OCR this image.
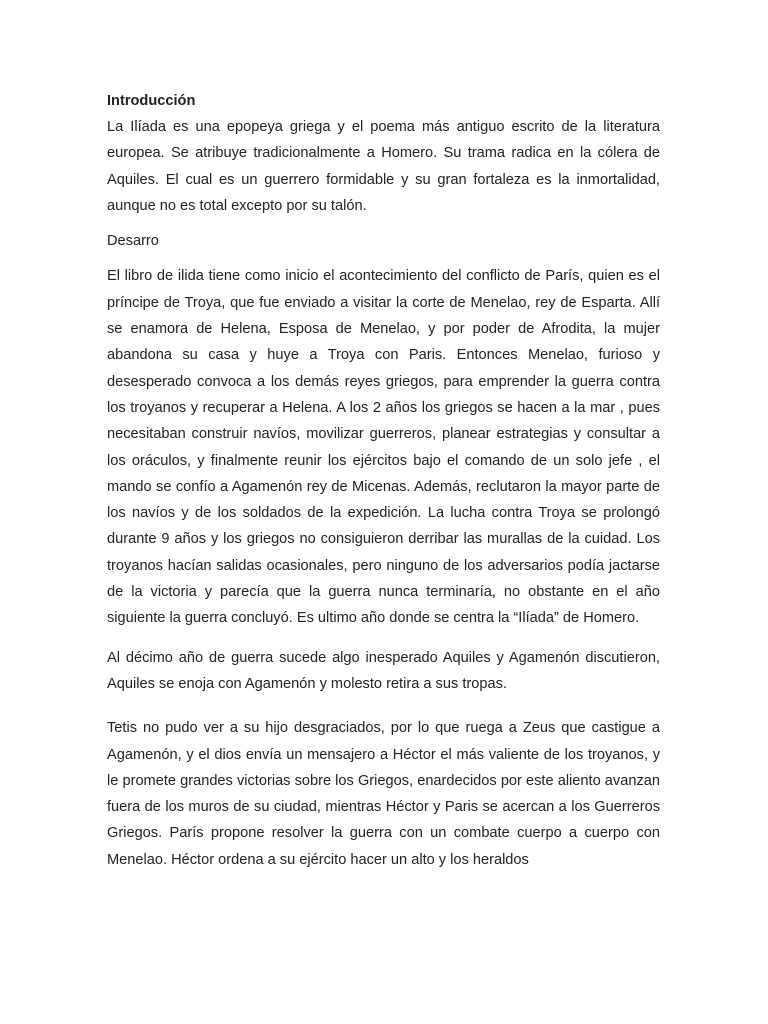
Introducción

La Ilíada es una epopeya griega y el poema más antiguo escrito de la literatura europea. Se atribuye tradicionalmente a Homero. Su trama radica en la cólera de Aquiles. El cual es un guerrero formidable y su gran fortaleza es la inmortalidad, aunque no es total excepto por su talón.

Desarro

El libro de ilida tiene como inicio el acontecimiento del conflicto de París, quien es el príncipe de Troya, que fue enviado a visitar la corte de Menelao, rey de Esparta. Allí se enamora de Helena, Esposa de Menelao, y por poder de Afrodita, la mujer abandona su casa y huye a Troya con Paris. Entonces Menelao, furioso y desesperado convoca a los demás reyes griegos, para emprender la guerra contra los troyanos y recuperar a Helena. A los 2 años los griegos se hacen a la mar , pues necesitaban construir navíos, movilizar guerreros, planear estrategias y consultar a los oráculos, y finalmente reunir los ejércitos bajo el comando de un solo jefe , el mando se confío a Agamenón rey de Micenas. Además, reclutaron la mayor parte de los navíos y de los soldados de la expedición. La lucha contra Troya se prolongó durante 9 años y los griegos no consiguieron derribar las murallas de la cuidad. Los troyanos hacían salidas ocasionales, pero ninguno de los adversarios podía jactarse de la victoria y parecía que la guerra nunca terminaría, no obstante en el año siguiente la guerra concluyó. Es ultimo año donde se centra la “Ilíada” de Homero.

Al décimo año de guerra sucede algo inesperado Aquiles y Agamenón discutieron, Aquiles se enoja con Agamenón y molesto retira a sus tropas.

Tetis no pudo ver a su hijo desgraciados, por lo que ruega a Zeus que castigue a Agamenón, y el dios envía un mensajero a Héctor el más valiente de los troyanos, y le promete grandes victorias sobre los Griegos, enardecidos por este aliento avanzan fuera de los muros de su ciudad, mientras Héctor y Paris se acercan a los Guerreros Griegos. París propone resolver la guerra con un combate cuerpo a cuerpo con Menelao. Héctor ordena a su ejército hacer un alto y los heraldos
